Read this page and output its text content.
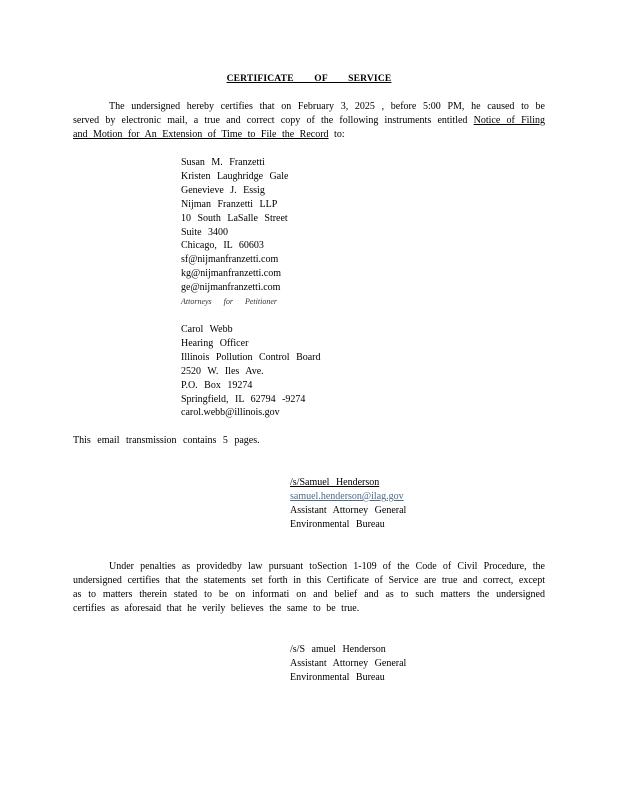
CERTIFICATE OF SERVICE
The undersigned hereby certifies that on February 3, 2025 , before 5:00 PM, he caused to be served by electronic mail, a true and correct copy of the following instruments entitled Notice of Filing and Motion for An Extension of Time to File the Record to:
Susan M. Franzetti
Kristen Laughridge Gale
Genevieve J. Essig
Nijman Franzetti LLP
10 South LaSalle Street
Suite 3400
Chicago, IL 60603
sf@nijmanfranzetti.com
kg@nijmanfranzetti.com
ge@nijmanfranzetti.com
Attorneys for Petitioner
Carol Webb
Hearing Officer
Illinois Pollution Control Board
2520 W. Iles Ave.
P.O. Box 19274
Springfield, IL 62794 -9274
carol.webb@illinois.gov
This email transmission contains 5 pages.
/s/Samuel Henderson
samuel.henderson@ilag.gov
Assistant Attorney General
Environmental Bureau
Under penalties as providedby law pursuant toSection 1-109 of the Code of Civil Procedure, the undersigned certifies that the statements set forth in this Certificate of Service are true and correct, except as to matters therein stated to be on informati on and belief and as to such matters the undersigned certifies as aforesaid that he verily believes the same to be true.
/s/S amuel Henderson
Assistant Attorney General
Environmental Bureau
